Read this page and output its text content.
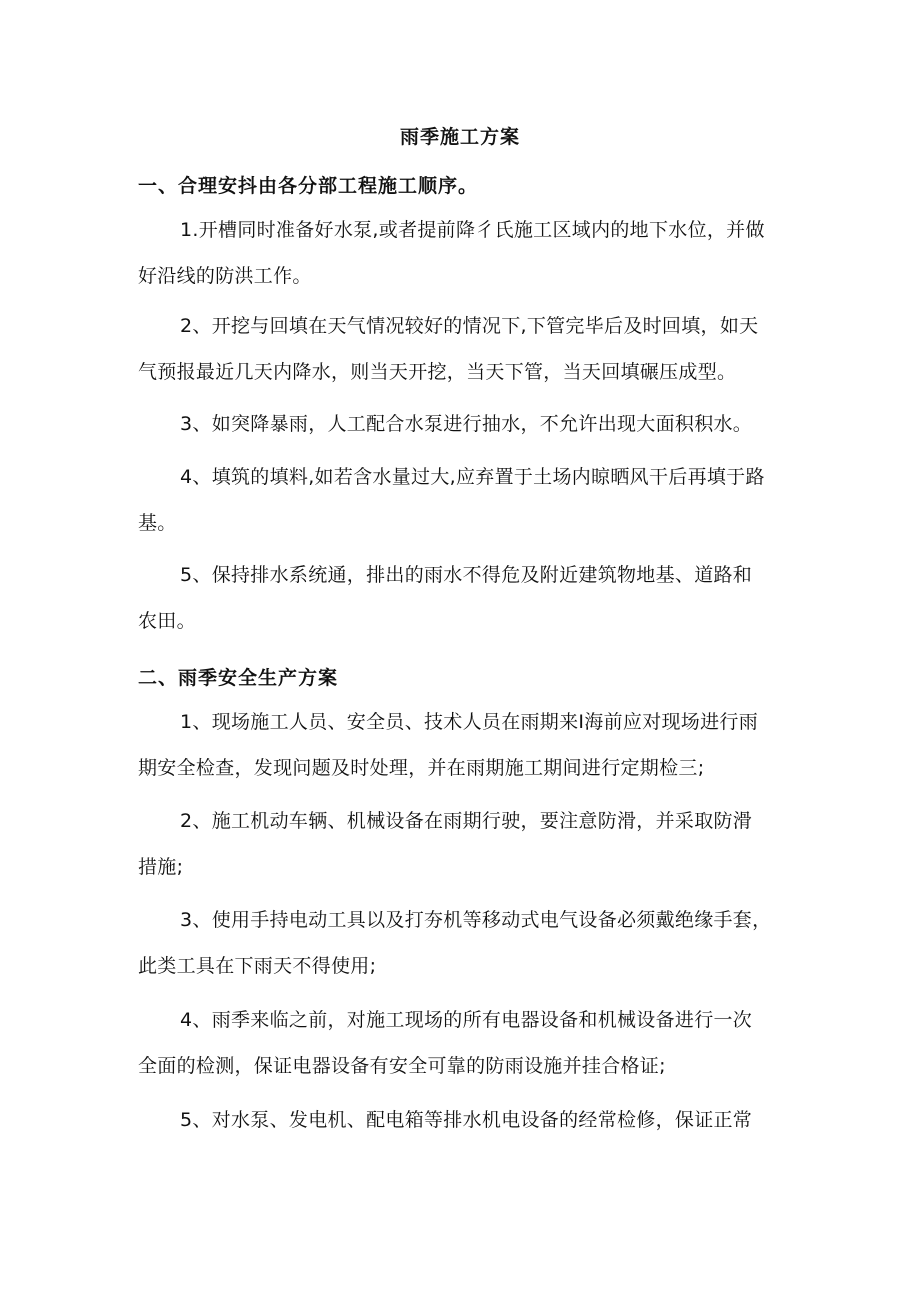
雨季施工方案
一、合理安抖由各分部工程施工顺序。
1.开槽同时准备好水泵,或者提前降彳氏施工区域内的地下水位，并做
好沿线的防洪工作。
2、开挖与回填在天气情况较好的情况下,下管完毕后及时回填，如天
气预报最近几天内降水，则当天开挖，当天下管，当天回填碾压成型。
3、如突降暴雨，人工配合水泵进行抽水，不允许出现大面积积水。
4、填筑的填料,如若含水量过大,应弃置于土场内晾晒风干后再填于路
基。
5、保持排水系统通，排出的雨水不得危及附近建筑物地基、道路和
农田。
二、雨季安全生产方案
1、现场施工人员、安全员、技术人员在雨期来I海前应对现场进行雨
期安全检查，发现问题及时处理，并在雨期施工期间进行定期检三;
2、施工机动车辆、机械设备在雨期行驶，要注意防滑，并采取防滑
措施;
3、使用手持电动工具以及打夯机等移动式电气设备必须戴绝缘手套，
此类工具在下雨天不得使用;
4、雨季来临之前，对施工现场的所有电器设备和机械设备进行一次
全面的检测，保证电器设备有安全可靠的防雨设施并挂合格证;
5、对水泵、发电机、配电箱等排水机电设备的经常检修，保证正常
